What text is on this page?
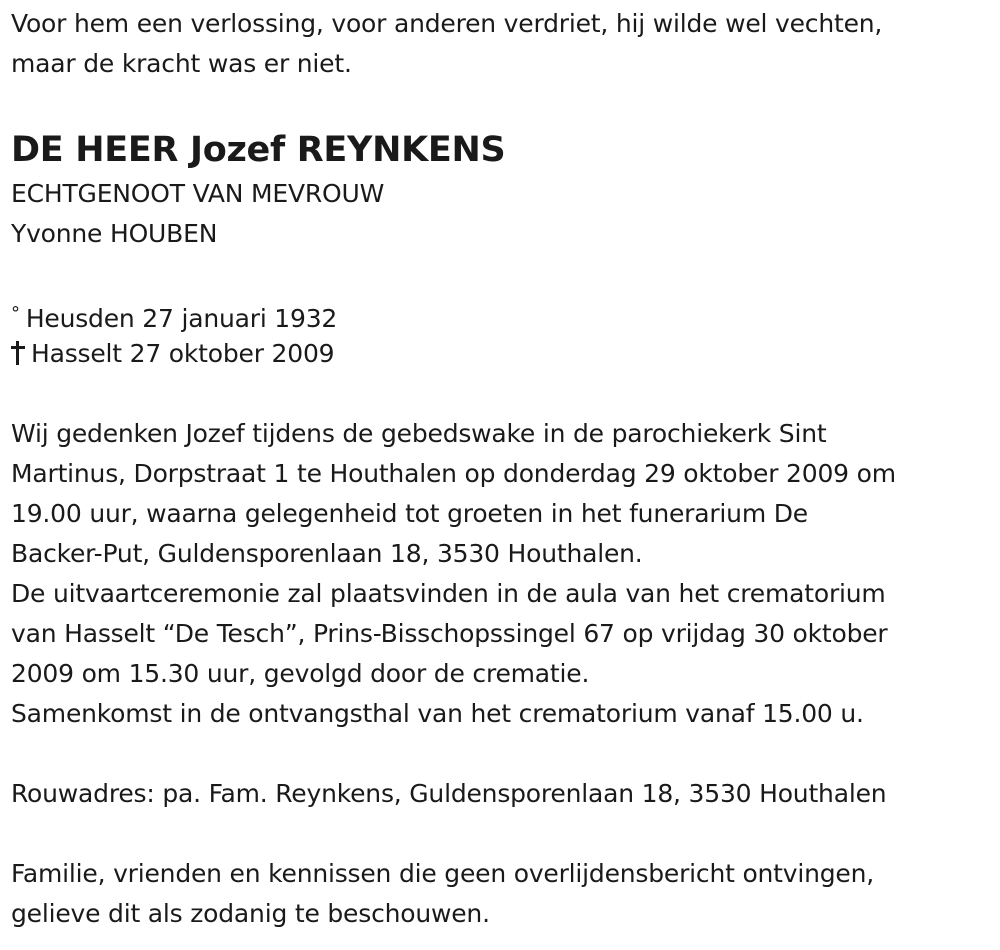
Voor hem een verlossing, voor anderen verdriet, hij wilde wel vechten,
maar de kracht was er niet.
DE HEER Jozef REYNKENS
ECHTGENOOT VAN MEVROUW
Yvonne HOUBEN
° Heusden 27 januari 1932
Hasselt 27 oktober 2009
Wij gedenken Jozef tijdens de gebedswake in de parochiekerk Sint
Martinus, Dorpstraat 1 te Houthalen op donderdag 29 oktober 2009 om
19.00 uur, waarna gelegenheid tot groeten in het funerarium De
Backer-Put, Guldensporenlaan 18, 3530 Houthalen.
De uitvaartceremonie zal plaatsvinden in de aula van het crematorium
van Hasselt “De Tesch”, Prins-Bisschopssingel 67 op vrijdag 30 oktober
2009 om 15.30 uur, gevolgd door de crematie.
Samenkomst in de ontvangsthal van het crematorium vanaf 15.00 u.
Rouwadres: pa. Fam. Reynkens, Guldensporenlaan 18, 3530 Houthalen
Familie, vrienden en kennissen die geen overlijdensbericht ontvingen,
gelieve dit als zodanig te beschouwen.
